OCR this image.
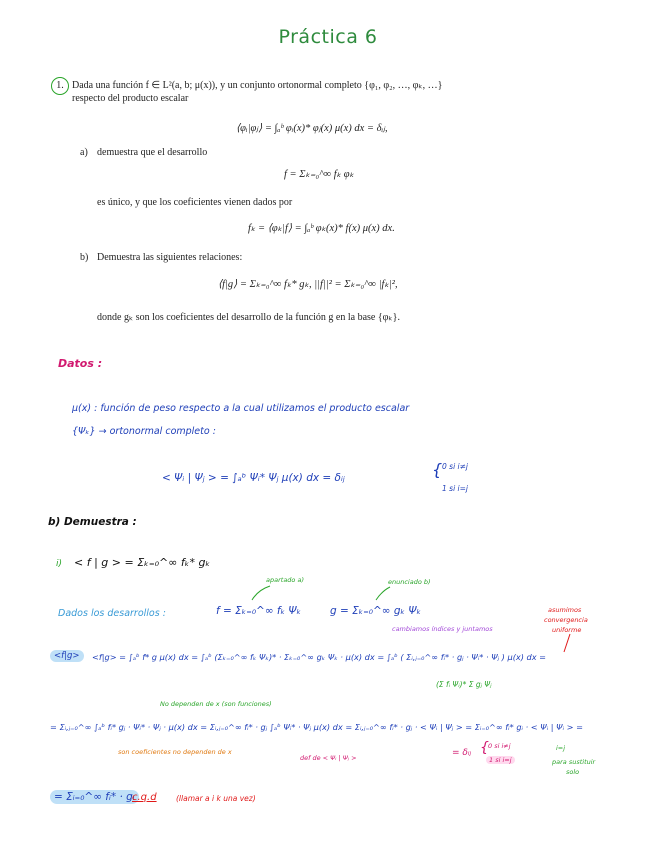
Práctica 6
1. Dada una función f ∈ L²(a, b; μ(x)), y un conjunto ortonormal completo {φ₁, φ₂, …, φₖ, …}
respecto del producto escalar
⟨φᵢ|φⱼ⟩ = ∫ₐᵇ φᵢ(x)* φⱼ(x) μ(x) dx = δᵢⱼ,
a) demuestra que el desarrollo
f = Σₖ₌₀^∞ fₖ φₖ
es único, y que los coeficientes vienen dados por
fₖ = ⟨φₖ|f⟩ = ∫ₐᵇ φₖ(x)* f(x) μ(x) dx.
b) Demuestra las siguientes relaciones:
⟨f|g⟩ = Σₖ₌₀^∞ fₖ* gₖ, ||f||² = Σₖ₌₀^∞ |fₖ|²,
donde gₖ son los coeficientes del desarrollo de la función g en la base {φₖ}.
Datos :
μ(x) : función de peso respecto a la cual utilizamos el producto escalar
{Ψₖ} → ortonormal completo :
< Ψᵢ | Ψⱼ > = ∫ₐᵇ Ψᵢ* Ψⱼ μ(x) dx = δᵢⱼ	{ 0 si i≠j
1 si i=j
b) Demuestra :
i) < f | g > = Σₖ₌₀^∞ fₖ* gₖ
apartado a)	enunciado b)
Dados los desarrollos :	f = Σₖ₌₀^∞ fₖ Ψₖ	g = Σₖ₌₀^∞ gₖ Ψₖ	asumimos
convergencia
uniforme
cambiamos índices y juntamos
<f|g>	<f|g> = ∫ₐᵇ f* g μ(x) dx = ∫ₐᵇ (Σₖ₌₀^∞ fₖ Ψₖ)* · Σₖ₌₀^∞ gₖ Ψₖ · μ(x) dx = ∫ₐᵇ ( Σᵢ,ⱼ₌₀^∞ fᵢ* · gⱼ · Ψᵢ* · Ψⱼ ) μ(x) dx =
(Σ fᵢ Ψᵢ)* Σ gⱼ Ψⱼ
No dependen de x (son funciones)
= Σᵢ,ⱼ₌₀^∞ ∫ₐᵇ fᵢ* gⱼ · Ψᵢ* · Ψⱼ · μ(x) dx = Σᵢ,ⱼ₌₀^∞ fᵢ* · gⱼ ∫ₐᵇ Ψᵢ* · Ψⱼ μ(x) dx = Σᵢ,ⱼ₌₀^∞ fᵢ* · gⱼ · < Ψᵢ | Ψⱼ > = Σᵢ₌₀^∞ fᵢ* gᵢ · < Ψᵢ | Ψᵢ > =
son coeficientes no dependen de x
def de < Ψᵢ | Ψⱼ >	= δᵢⱼ { 0 si i≠j
1 si i=j
i=j
para sustituir
solo
= Σᵢ₌₀^∞ fᵢ* · gᵢ
c.q.d	(llamar a i k una vez)
